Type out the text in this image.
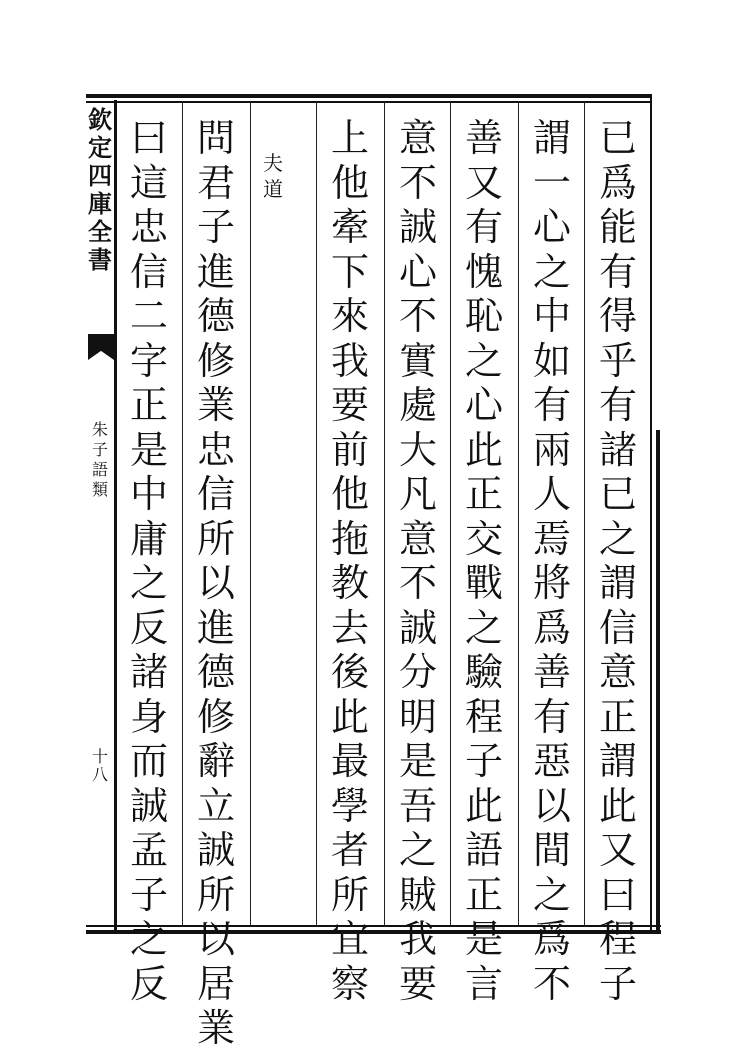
欽
定
四
庫
全
書
朱
子
語
類
十
八
已
爲
能
有
得
乎
有
諸
已
之
謂
信
意
正
謂
此
又
曰
程
子
謂
一
心
之
中
如
有
兩
人
焉
將
爲
善
有
惡
以
間
之
爲
不
善
又
有
愧
恥
之
心
此
正
交
戰
之
驗
程
子
此
語
正
是
言
意
不
誠
心
不
實
處
大
凡
意
不
誠
分
明
是
吾
之
賊
我
要
上
他
牽
下
來
我
要
前
他
拖
教
去
後
此
最
學
者
所
宜
察
夫
道
問
君
子
進
德
修
業
忠
信
所
以
進
德
修
辭
立
誠
所
以
居
業
曰
這
忠
信
二
字
正
是
中
庸
之
反
諸
身
而
誠
孟
子
之
反
